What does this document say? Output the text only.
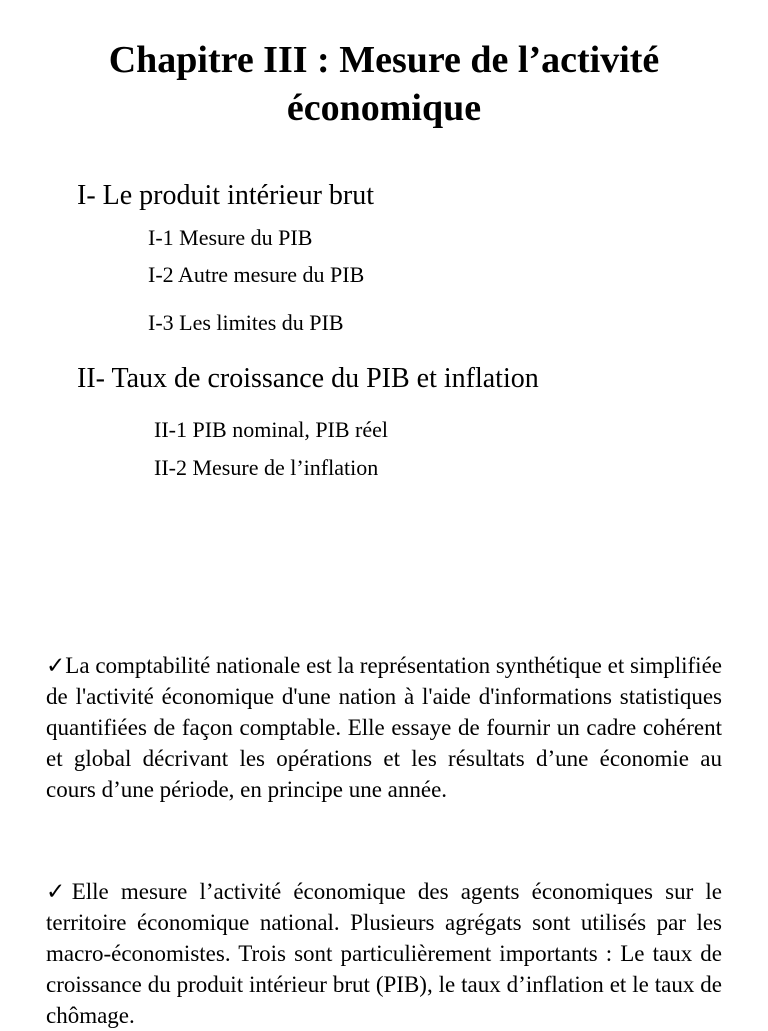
Chapitre III : Mesure de l’activité
économique
I- Le produit intérieur brut
I-1 Mesure du PIB
I-2 Autre mesure du PIB
I-3 Les limites du PIB
II- Taux de croissance du PIB et inflation
II-1 PIB nominal, PIB réel
II-2 Mesure de l’inflation

✓La comptabilité nationale est la représentation synthétique et simplifiée de l'activité économique d'une nation à l'aide d'informations statistiques quantifiées de façon comptable. Elle essaye de fournir un cadre cohérent et global décrivant les opérations et les résultats d’une économie au cours d’une période, en principe une année.

✓Elle mesure l’activité économique des agents économiques sur le territoire économique national. Plusieurs agrégats sont utilisés par les macro-économistes. Trois sont particulièrement importants : Le taux de croissance du produit intérieur brut (PIB), le taux d’inflation et le taux de chômage.
